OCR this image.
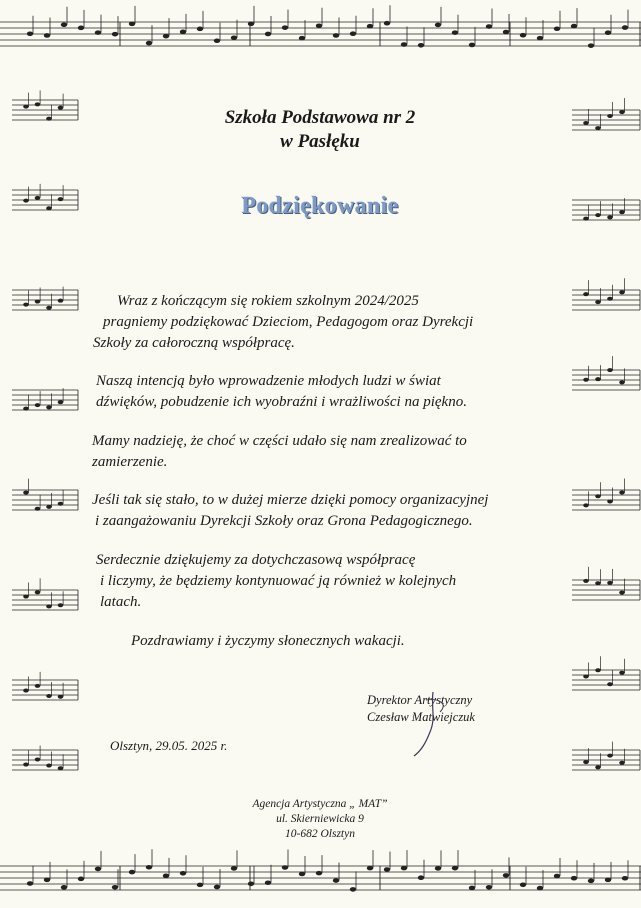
Szkoła Podstawowa nr 2
w Pasłęku
Podziękowanie

Wraz z kończącym się rokiem szkolnym 2024/2025
pragniemy podziękować Dzieciom, Pedagogom oraz Dyrekcji
Szkoły za całoroczną współpracę.

Naszą intencją było wprowadzenie młodych ludzi w świat
dźwięków, pobudzenie ich wyobraźni i wrażliwości na piękno.

Mamy nadzieję, że choć w części udało się nam zrealizować to
zamierzenie.

Jeśli tak się stało, to w dużej mierze dzięki pomocy organizacyjnej
i zaangażowaniu Dyrekcji Szkoły oraz Grona Pedagogicznego.

Serdecznie dziękujemy za dotychczasową współpracę
i liczymy, że będziemy kontynuować ją również w kolejnych
latach.

Pozdrawiamy i życzymy słonecznych wakacji.

Dyrektor Artystyczny
Czesław Matwiejczuk
Olsztyn, 29.05. 2025 r.
Agencja Artystyczna „ MAT”
ul. Skierniewicka 9
10-682 Olsztyn
